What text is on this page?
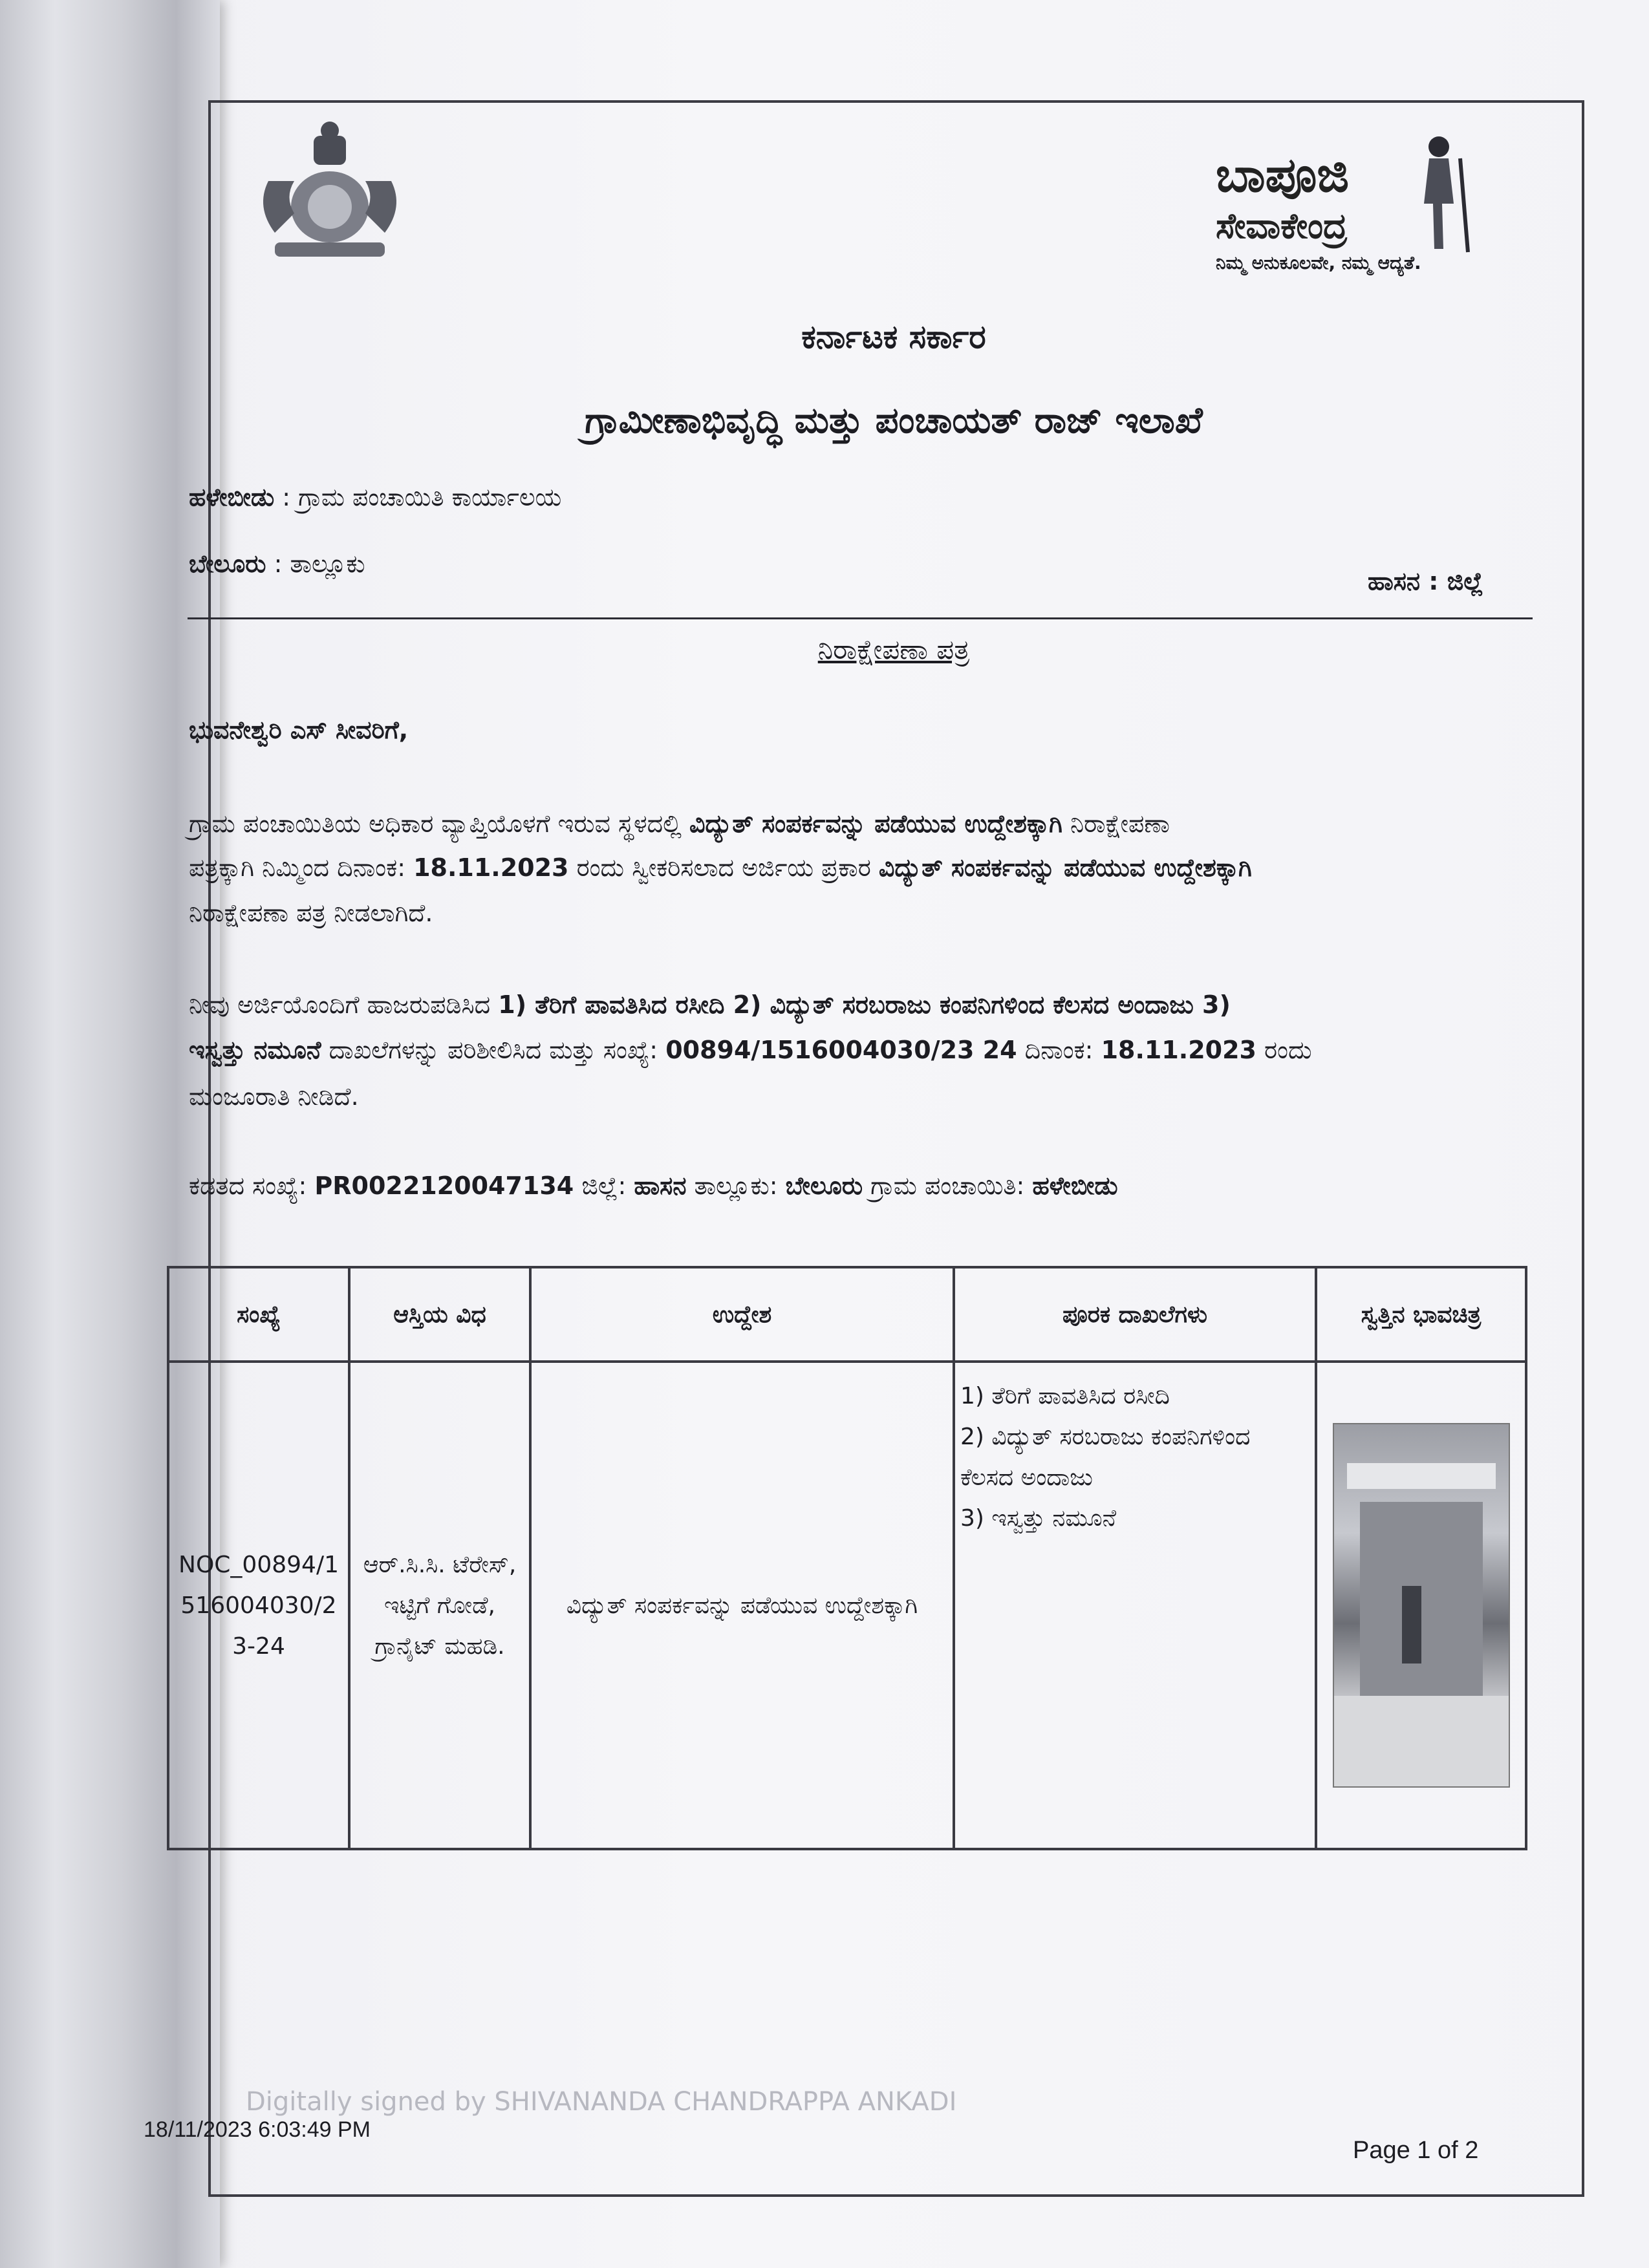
ಬಾಪೂಜಿ
ಸೇವಾಕೇಂದ್ರ
ನಿಮ್ಮ ಅನುಕೂಲವೇ, ನಮ್ಮ ಆದ್ಯತೆ.
ಕರ್ನಾಟಕ ಸರ್ಕಾರ
ಗ್ರಾಮೀಣಾಭಿವೃದ್ಧಿ ಮತ್ತು ಪಂಚಾಯತ್ ರಾಜ್ ಇಲಾಖೆ
ಹಳೇಬೀಡು : ಗ್ರಾಮ ಪಂಚಾಯಿತಿ ಕಾರ್ಯಾಲಯ
ಬೇಲೂರು : ತಾಲ್ಲೂಕು
ಹಾಸನ : ಜಿಲ್ಲೆ
ನಿರಾಕ್ಷೇಪಣಾ ಪತ್ರ
ಭುವನೇಶ್ವರಿ ಎಸ್ ಸೀವರಿಗೆ,
ಗ್ರಾಮ ಪಂಚಾಯಿತಿಯ ಅಧಿಕಾರ ವ್ಯಾಪ್ತಿಯೊಳಗೆ ಇರುವ ಸ್ಥಳದಲ್ಲಿ ವಿದ್ಯುತ್ ಸಂಪರ್ಕವನ್ನು ಪಡೆಯುವ ಉದ್ದೇಶಕ್ಕಾಗಿ ನಿರಾಕ್ಷೇಪಣಾ
ಪತ್ರಕ್ಕಾಗಿ ನಿಮ್ಮಿಂದ ದಿನಾಂಕ: 18.11.2023 ರಂದು ಸ್ವೀಕರಿಸಲಾದ ಅರ್ಜಿಯ ಪ್ರಕಾರ ವಿದ್ಯುತ್ ಸಂಪರ್ಕವನ್ನು ಪಡೆಯುವ ಉದ್ದೇಶಕ್ಕಾಗಿ
ನಿರಾಕ್ಷೇಪಣಾ ಪತ್ರ ನೀಡಲಾಗಿದೆ.
ನೀವು ಅರ್ಜಿಯೊಂದಿಗೆ ಹಾಜರುಪಡಿಸಿದ 1) ತೆರಿಗೆ ಪಾವತಿಸಿದ ರಸೀದಿ 2) ವಿದ್ಯುತ್ ಸರಬರಾಜು ಕಂಪನಿಗಳಿಂದ ಕೆಲಸದ ಅಂದಾಜು 3)
ಇಸ್ವತ್ತು ನಮೂನೆ ದಾಖಲೆಗಳನ್ನು ಪರಿಶೀಲಿಸಿದ ಮತ್ತು ಸಂಖ್ಯೆ: 00894/1516004030/23 24 ದಿನಾಂಕ: 18.11.2023 ರಂದು
ಮಂಜೂರಾತಿ ನೀಡಿದೆ.
ಕಡತದ ಸಂಖ್ಯೆ: PR0022120047134 ಜಿಲ್ಲೆ: ಹಾಸನ ತಾಲ್ಲೂಕು: ಬೇಲೂರು ಗ್ರಾಮ ಪಂಚಾಯಿತಿ: ಹಳೇಬೀಡು
ಸಂಖ್ಯೆ	ಆಸ್ತಿಯ ವಿಧ	ಉದ್ದೇಶ	ಪೂರಕ ದಾಖಲೆಗಳು	ಸ್ವತ್ತಿನ ಭಾವಚಿತ್ರ
NOC_00894/1516004030/23-24	ಆರ್.ಸಿ.ಸಿ. ಟೆರೇಸ್, ಇಟ್ಟಿಗೆ ಗೋಡೆ, ಗ್ರಾನೈಟ್ ಮಹಡಿ.	ವಿದ್ಯುತ್ ಸಂಪರ್ಕವನ್ನು ಪಡೆಯುವ ಉದ್ದೇಶಕ್ಕಾಗಿ	1) ತೆರಿಗೆ ಪಾವತಿಸಿದ ರಸೀದಿ
2) ವಿದ್ಯುತ್ ಸರಬರಾಜು ಕಂಪನಿಗಳಿಂದ ಕೆಲಸದ ಅಂದಾಜು
3) ಇಸ್ವತ್ತು ನಮೂನೆ	

Digitally signed by SHIVANANDA CHANDRAPPA ANKADI
18/11/2023 6:03:49 PM
Page 1 of 2
